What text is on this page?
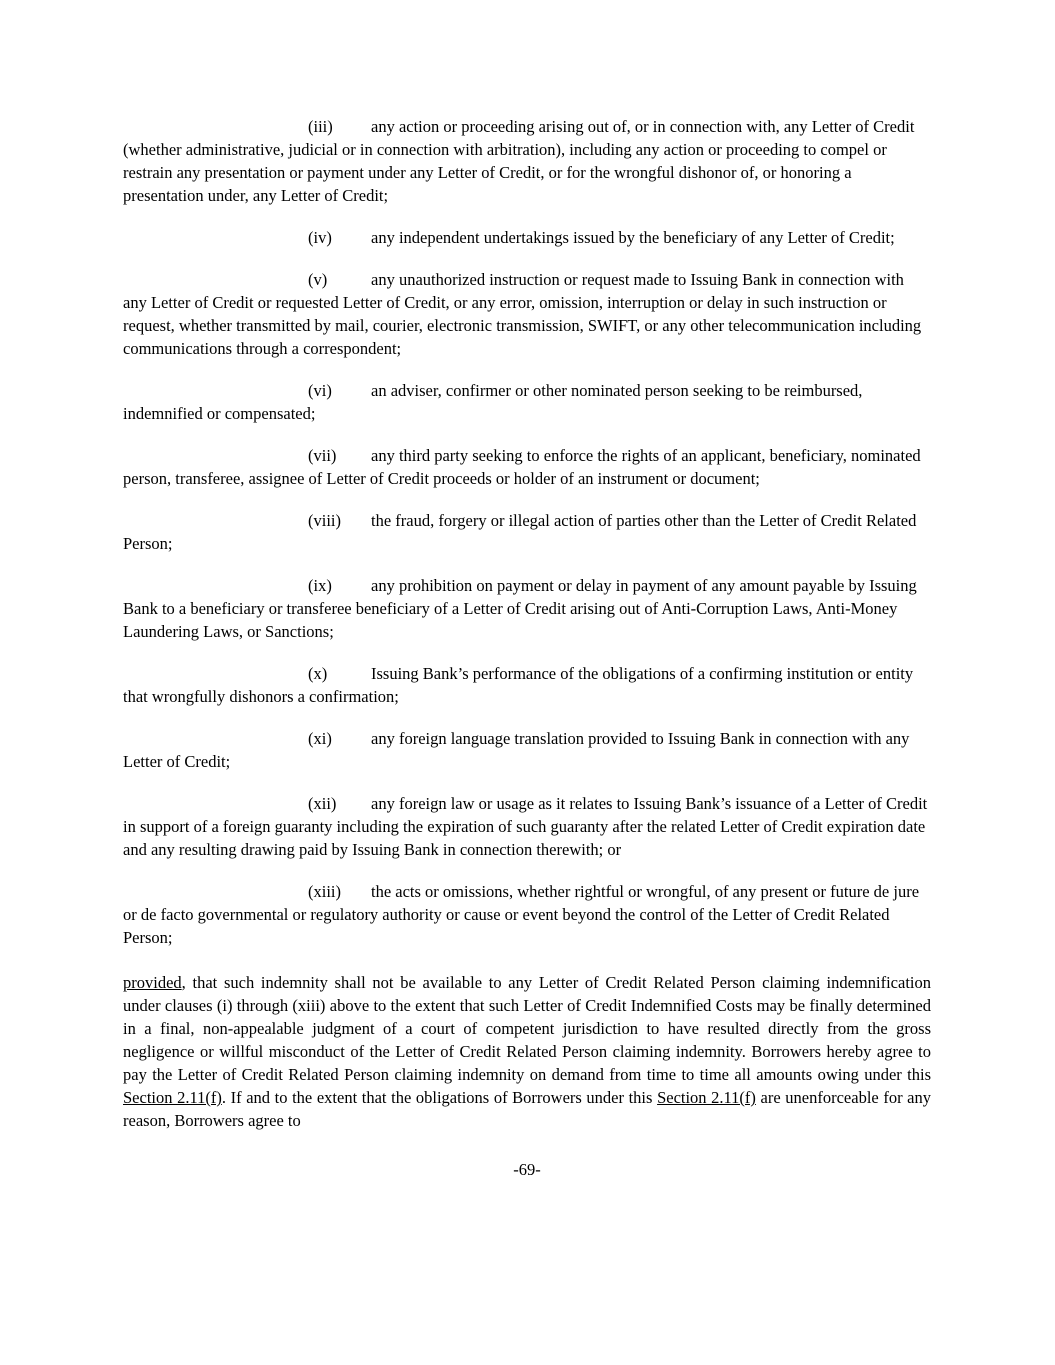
(iii) any action or proceeding arising out of, or in connection with, any Letter of Credit (whether administrative, judicial or in connection with arbitration), including any action or proceeding to compel or restrain any presentation or payment under any Letter of Credit, or for the wrongful dishonor of, or honoring a presentation under, any Letter of Credit;

(iv) any independent undertakings issued by the beneficiary of any Letter of Credit;

(v)	any unauthorized instruction or request made to Issuing Bank in connection with any Letter of Credit or requested Letter of Credit, or any error, omission, interruption or delay in such instruction or request, whether transmitted by mail, courier, electronic transmission, SWIFT, or any other telecommunication including communications through a correspondent;

(vi) an adviser, confirmer or other nominated person seeking to be reimbursed, indemnified or compensated;

(vii) any third party seeking to enforce the rights of an applicant, beneficiary, nominated person, transferee, assignee of Letter of Credit proceeds or holder of an instrument or document;

(viii) the fraud, forgery or illegal action of parties other than the Letter of Credit Related Person;

(ix) any prohibition on payment or delay in payment of any amount payable by Issuing Bank to a beneficiary or transferee beneficiary of a Letter of Credit arising out of Anti-Corruption Laws, Anti-Money Laundering Laws, or Sanctions;

(x)	Issuing Bank’s performance of the obligations of a confirming institution or entity that wrongfully dishonors a confirmation;

(xi) any foreign language translation provided to Issuing Bank in connection with any Letter of Credit;

(xii) any foreign law or usage as it relates to Issuing Bank’s issuance of a Letter of Credit in support of a foreign guaranty including the expiration of such guaranty after the related Letter of Credit expiration date and any resulting drawing paid by Issuing Bank in connection therewith; or

(xiii) the acts or omissions, whether rightful or wrongful, of any present or future de jure or de facto governmental or regulatory authority or cause or event beyond the control of the Letter of Credit Related Person;

provided, that such indemnity shall not be available to any Letter of Credit Related Person claiming indemnification under clauses (i) through (xiii) above to the extent that such Letter of Credit Indemnified Costs may be finally determined in a final, non-appealable judgment of a court of competent jurisdiction to have resulted directly from the gross negligence or willful misconduct of the Letter of Credit Related Person claiming indemnity. Borrowers hereby agree to pay the Letter of Credit Related Person claiming indemnity on demand from time to time all amounts owing under this Section 2.11(f). If and to the extent that the obligations of Borrowers under this Section 2.11(f) are unenforceable for any reason, Borrowers agree to

-69-
